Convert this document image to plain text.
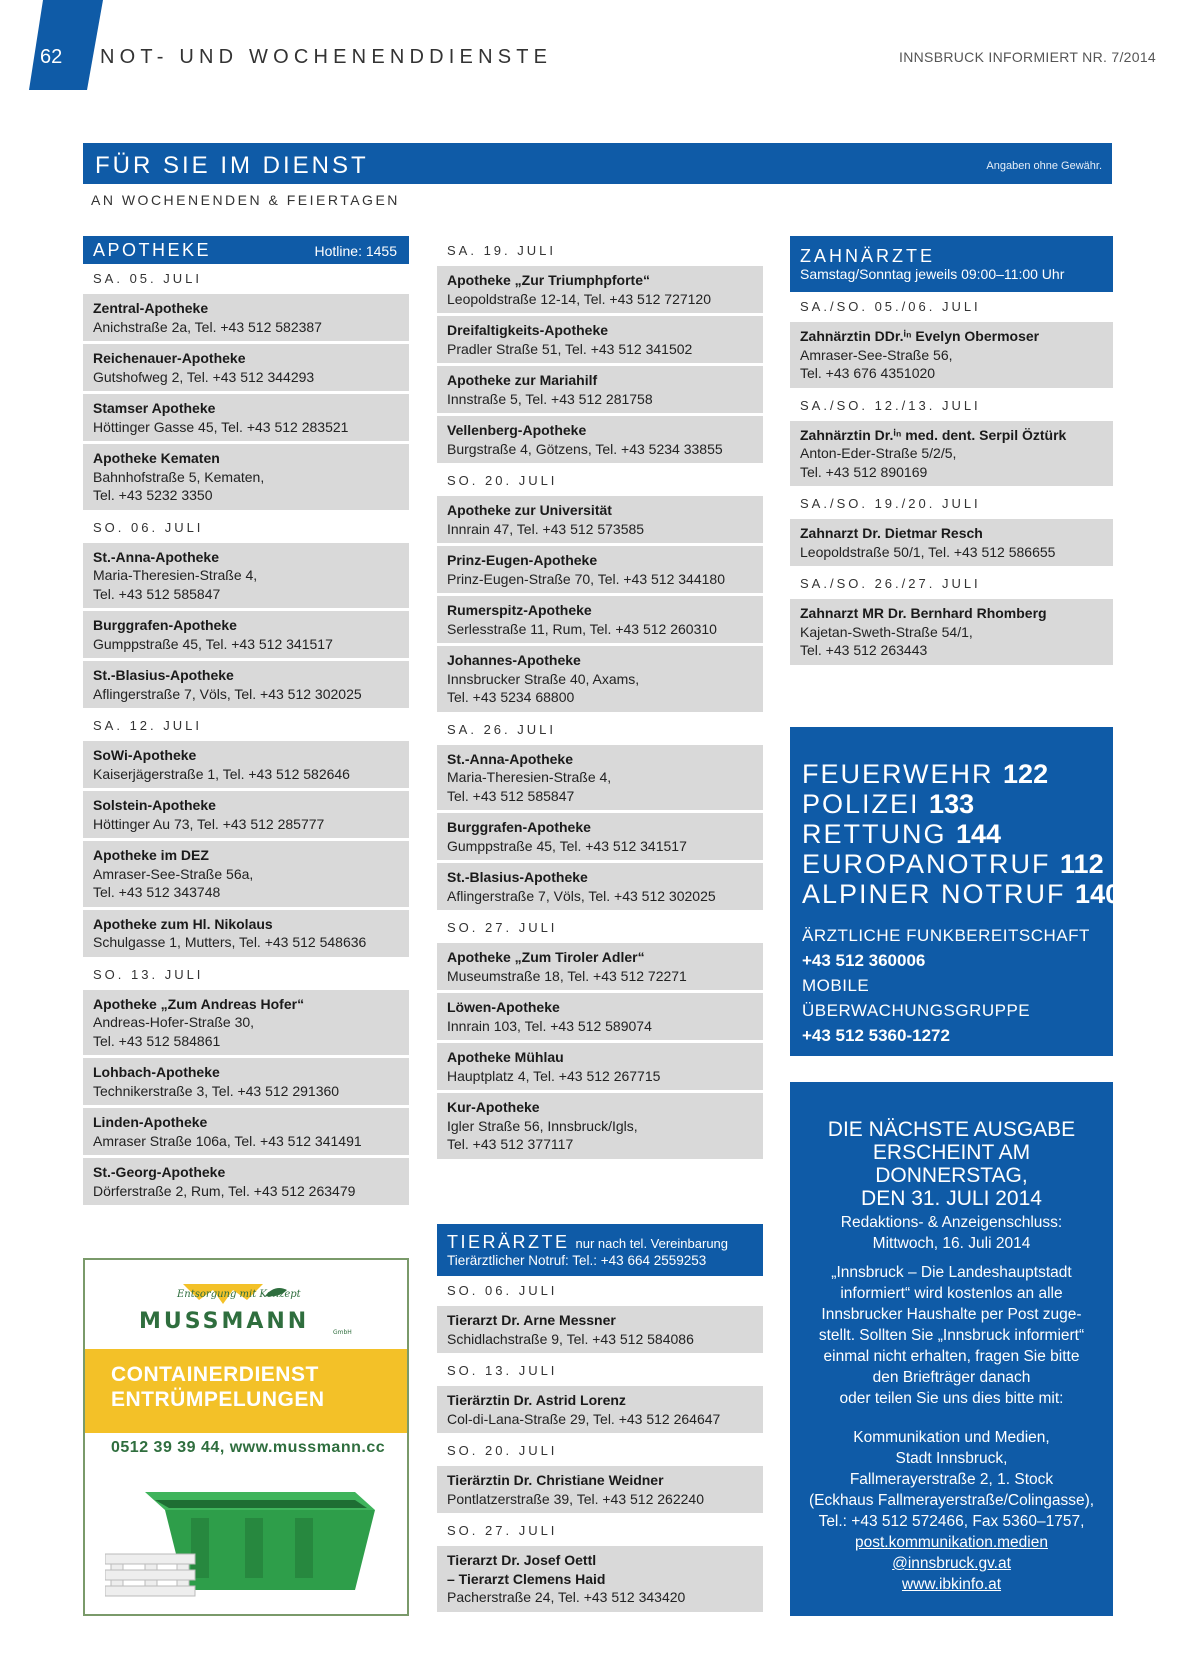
62 NOT- UND WOCHENENDDIENSTE	INNSBRUCK INFORMIERT NR. 7/2014
FÜR SIE IM DIENST	Angaben ohne Gewähr.
AN WOCHENENDEN & FEIERTAGEN
APOTHEKE	Hotline: 1455
SA. 05. JULI
Zentral-Apotheke
Anichstraße 2a, Tel. +43 512 582387
Reichenauer-Apotheke
Gutshofweg 2, Tel. +43 512 344293
Stamser Apotheke
Höttinger Gasse 45, Tel. +43 512 283521
Apotheke Kematen
Bahnhofstraße 5, Kematen,
Tel. +43 5232 3350
SO. 06. JULI
St.-Anna-Apotheke
Maria-Theresien-Straße 4,
Tel. +43 512 585847
Burggrafen-Apotheke
Gumppstraße 45, Tel. +43 512 341517
St.-Blasius-Apotheke
Aflingerstraße 7, Völs, Tel. +43 512 302025
SA. 12. JULI
SoWi-Apotheke
Kaiserjägerstraße 1, Tel. +43 512 582646
Solstein-Apotheke
Höttinger Au 73, Tel. +43 512 285777
Apotheke im DEZ
Amraser-See-Straße 56a,
Tel. +43 512 343748
Apotheke zum Hl. Nikolaus
Schulgasse 1, Mutters, Tel. +43 512 548636
SO. 13. JULI
Apotheke „Zum Andreas Hofer“
Andreas-Hofer-Straße 30,
Tel. +43 512 584861
Lohbach-Apotheke
Technikerstraße 3, Tel. +43 512 291360
Linden-Apotheke
Amraser Straße 106a, Tel. +43 512 341491
St.-Georg-Apotheke
Dörferstraße 2, Rum, Tel. +43 512 263479
SA. 19. JULI
Apotheke „Zur Triumphpforte“
Leopoldstraße 12-14, Tel. +43 512 727120
Dreifaltigkeits-Apotheke
Pradler Straße 51, Tel. +43 512 341502
Apotheke zur Mariahilf
Innstraße 5, Tel. +43 512 281758
Vellenberg-Apotheke
Burgstraße 4, Götzens, Tel. +43 5234 33855
SO. 20. JULI
Apotheke zur Universität
Innrain 47, Tel. +43 512 573585
Prinz-Eugen-Apotheke
Prinz-Eugen-Straße 70, Tel. +43 512 344180
Rumerspitz-Apotheke
Serlesstraße 11, Rum, Tel. +43 512 260310
Johannes-Apotheke
Innsbrucker Straße 40, Axams,
Tel. +43 5234 68800
SA. 26. JULI
St.-Anna-Apotheke
Maria-Theresien-Straße 4,
Tel. +43 512 585847
Burggrafen-Apotheke
Gumppstraße 45, Tel. +43 512 341517
St.-Blasius-Apotheke
Aflingerstraße 7, Völs, Tel. +43 512 302025
SO. 27. JULI
Apotheke „Zum Tiroler Adler“
Museumstraße 18, Tel. +43 512 72271
Löwen-Apotheke
Innrain 103, Tel. +43 512 589074
Apotheke Mühlau
Hauptplatz 4, Tel. +43 512 267715
Kur-Apotheke
Igler Straße 56, Innsbruck/Igls,
Tel. +43 512 377117
TIERÄRZTE nur nach tel. Vereinbarung
Tierärztlicher Notruf: Tel.: +43 664 2559253
SO. 06. JULI
Tierarzt Dr. Arne Messner
Schidlachstraße 9, Tel. +43 512 584086
SO. 13. JULI
Tierärztin Dr. Astrid Lorenz
Col-di-Lana-Straße 29, Tel. +43 512 264647
SO. 20. JULI
Tierärztin Dr. Christiane Weidner
Pontlatzerstraße 39, Tel. +43 512 262240
SO. 27. JULI
Tierarzt Dr. Josef Oettl
– Tierarzt Clemens Haid
Pacherstraße 24, Tel. +43 512 343420
ZAHNÄRZTE
Samstag/Sonntag jeweils 09:00–11:00 Uhr
SA./SO. 05./06. JULI
Zahnärztin DDr.ⁱⁿ Evelyn Obermoser
Amraser-See-Straße 56,
Tel. +43 676 4351020
SA./SO. 12./13. JULI
Zahnärztin Dr.ⁱⁿ med. dent. Serpil Öztürk
Anton-Eder-Straße 5/2/5,
Tel. +43 512 890169
SA./SO. 19./20. JULI
Zahnarzt Dr. Dietmar Resch
Leopoldstraße 50/1, Tel. +43 512 586655
SA./SO. 26./27. JULI
Zahnarzt MR Dr. Bernhard Rhomberg
Kajetan-Sweth-Straße 54/1,
Tel. +43 512 263443
FEUERWEHR 122
POLIZEI 133
RETTUNG 144
EUROPANOTRUF 112
ALPINER NOTRUF 140
ÄRZTLICHE FUNKBEREITSCHAFT
+43 512 360006
MOBILE ÜBERWACHUNGSGRUPPE
+43 512 5360-1272
DIE NÄCHSTE AUSGABE
ERSCHEINT AM DONNERSTAG,
DEN 31. JULI 2014
Redaktions- & Anzeigenschluss:
Mittwoch, 16. Juli 2014
„Innsbruck – Die Landeshauptstadt
informiert“ wird kostenlos an alle
Innsbrucker Haushalte per Post zuge-
stellt. Sollten Sie „Innsbruck informiert“
einmal nicht erhalten, fragen Sie bitte
den Briefträger danach
oder teilen Sie uns dies bitte mit:
Kommunikation und Medien,
Stadt Innsbruck,
Fallmerayerstraße 2, 1. Stock
(Eckhaus Fallmerayerstraße/Colingasse),
Tel.: +43 512 572466, Fax 5360–1757,
post.kommunikation.medien
@innsbruck.gv.at
www.ibkinfo.at
Entsorgung mit Konzept
MUSSMANN	GmbH
CONTAINERDIENST
ENTRÜMPELUNGEN
0512 39 39 44, www.mussmann.cc
